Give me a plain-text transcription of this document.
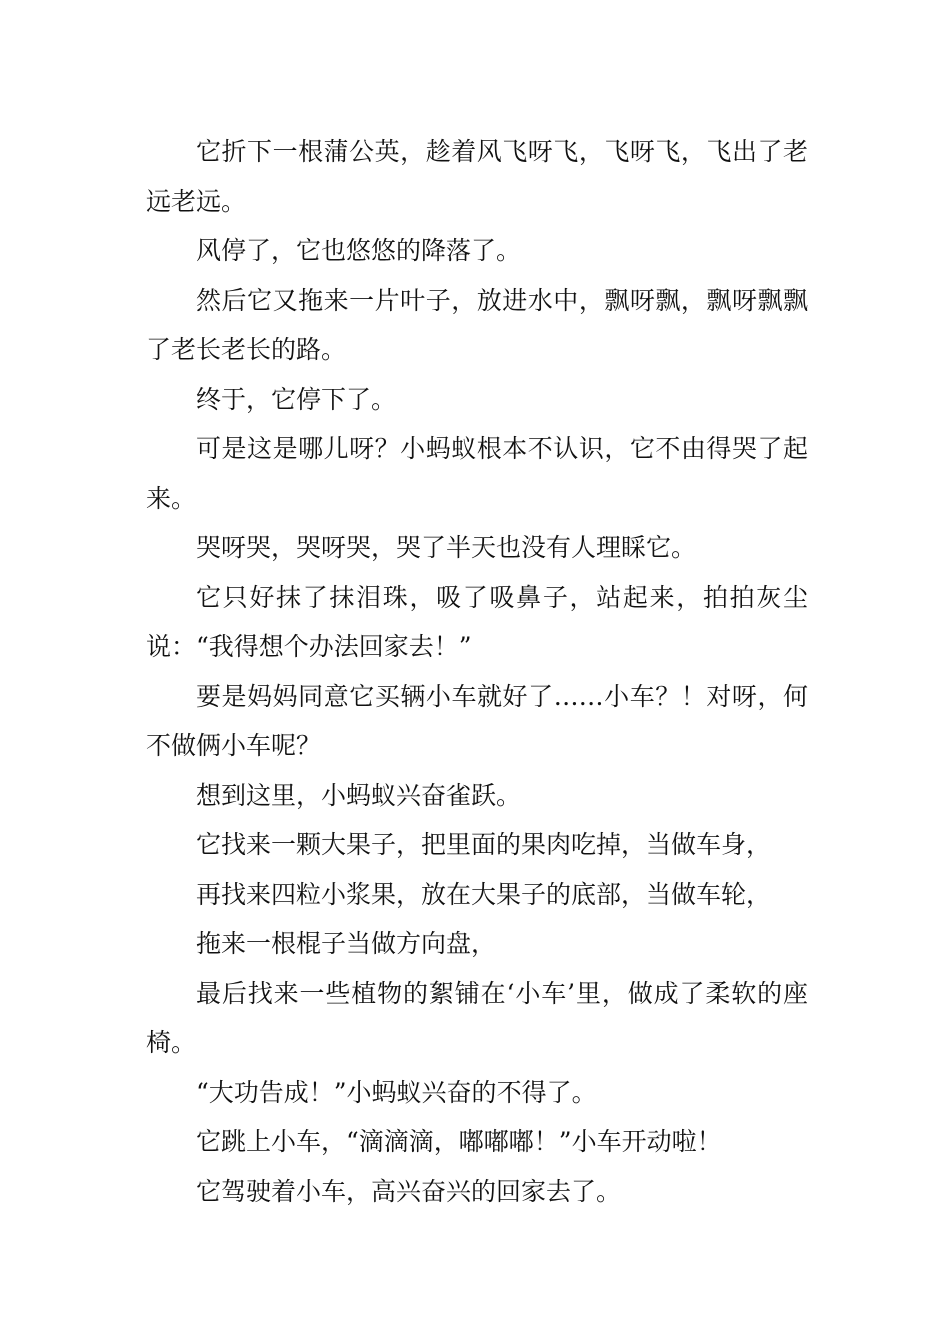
它折下一根蒲公英，趁着风飞呀飞，飞呀飞，飞出了老远老远。

风停了，它也悠悠的降落了。

然后它又拖来一片叶子，放进水中，飘呀飘，飘呀飘飘了老长老长的路。

终于，它停下了。

可是这是哪儿呀？小蚂蚁根本不认识，它不由得哭了起来。

哭呀哭，哭呀哭，哭了半天也没有人理睬它。

它只好抹了抹泪珠，吸了吸鼻子，站起来，拍拍灰尘说：“我得想个办法回家去！”

要是妈妈同意它买辆小车就好了……小车？！对呀，何不做俩小车呢？

想到这里，小蚂蚁兴奋雀跃。

它找来一颗大果子，把里面的果肉吃掉，当做车身，

再找来四粒小浆果，放在大果子的底部，当做车轮，

拖来一根棍子当做方向盘，

最后找来一些植物的絮铺在‘小车’里，做成了柔软的座椅。

“大功告成！”小蚂蚁兴奋的不得了。

它跳上小车，“滴滴滴，嘟嘟嘟！”小车开动啦！

它驾驶着小车，高兴奋兴的回家去了。
